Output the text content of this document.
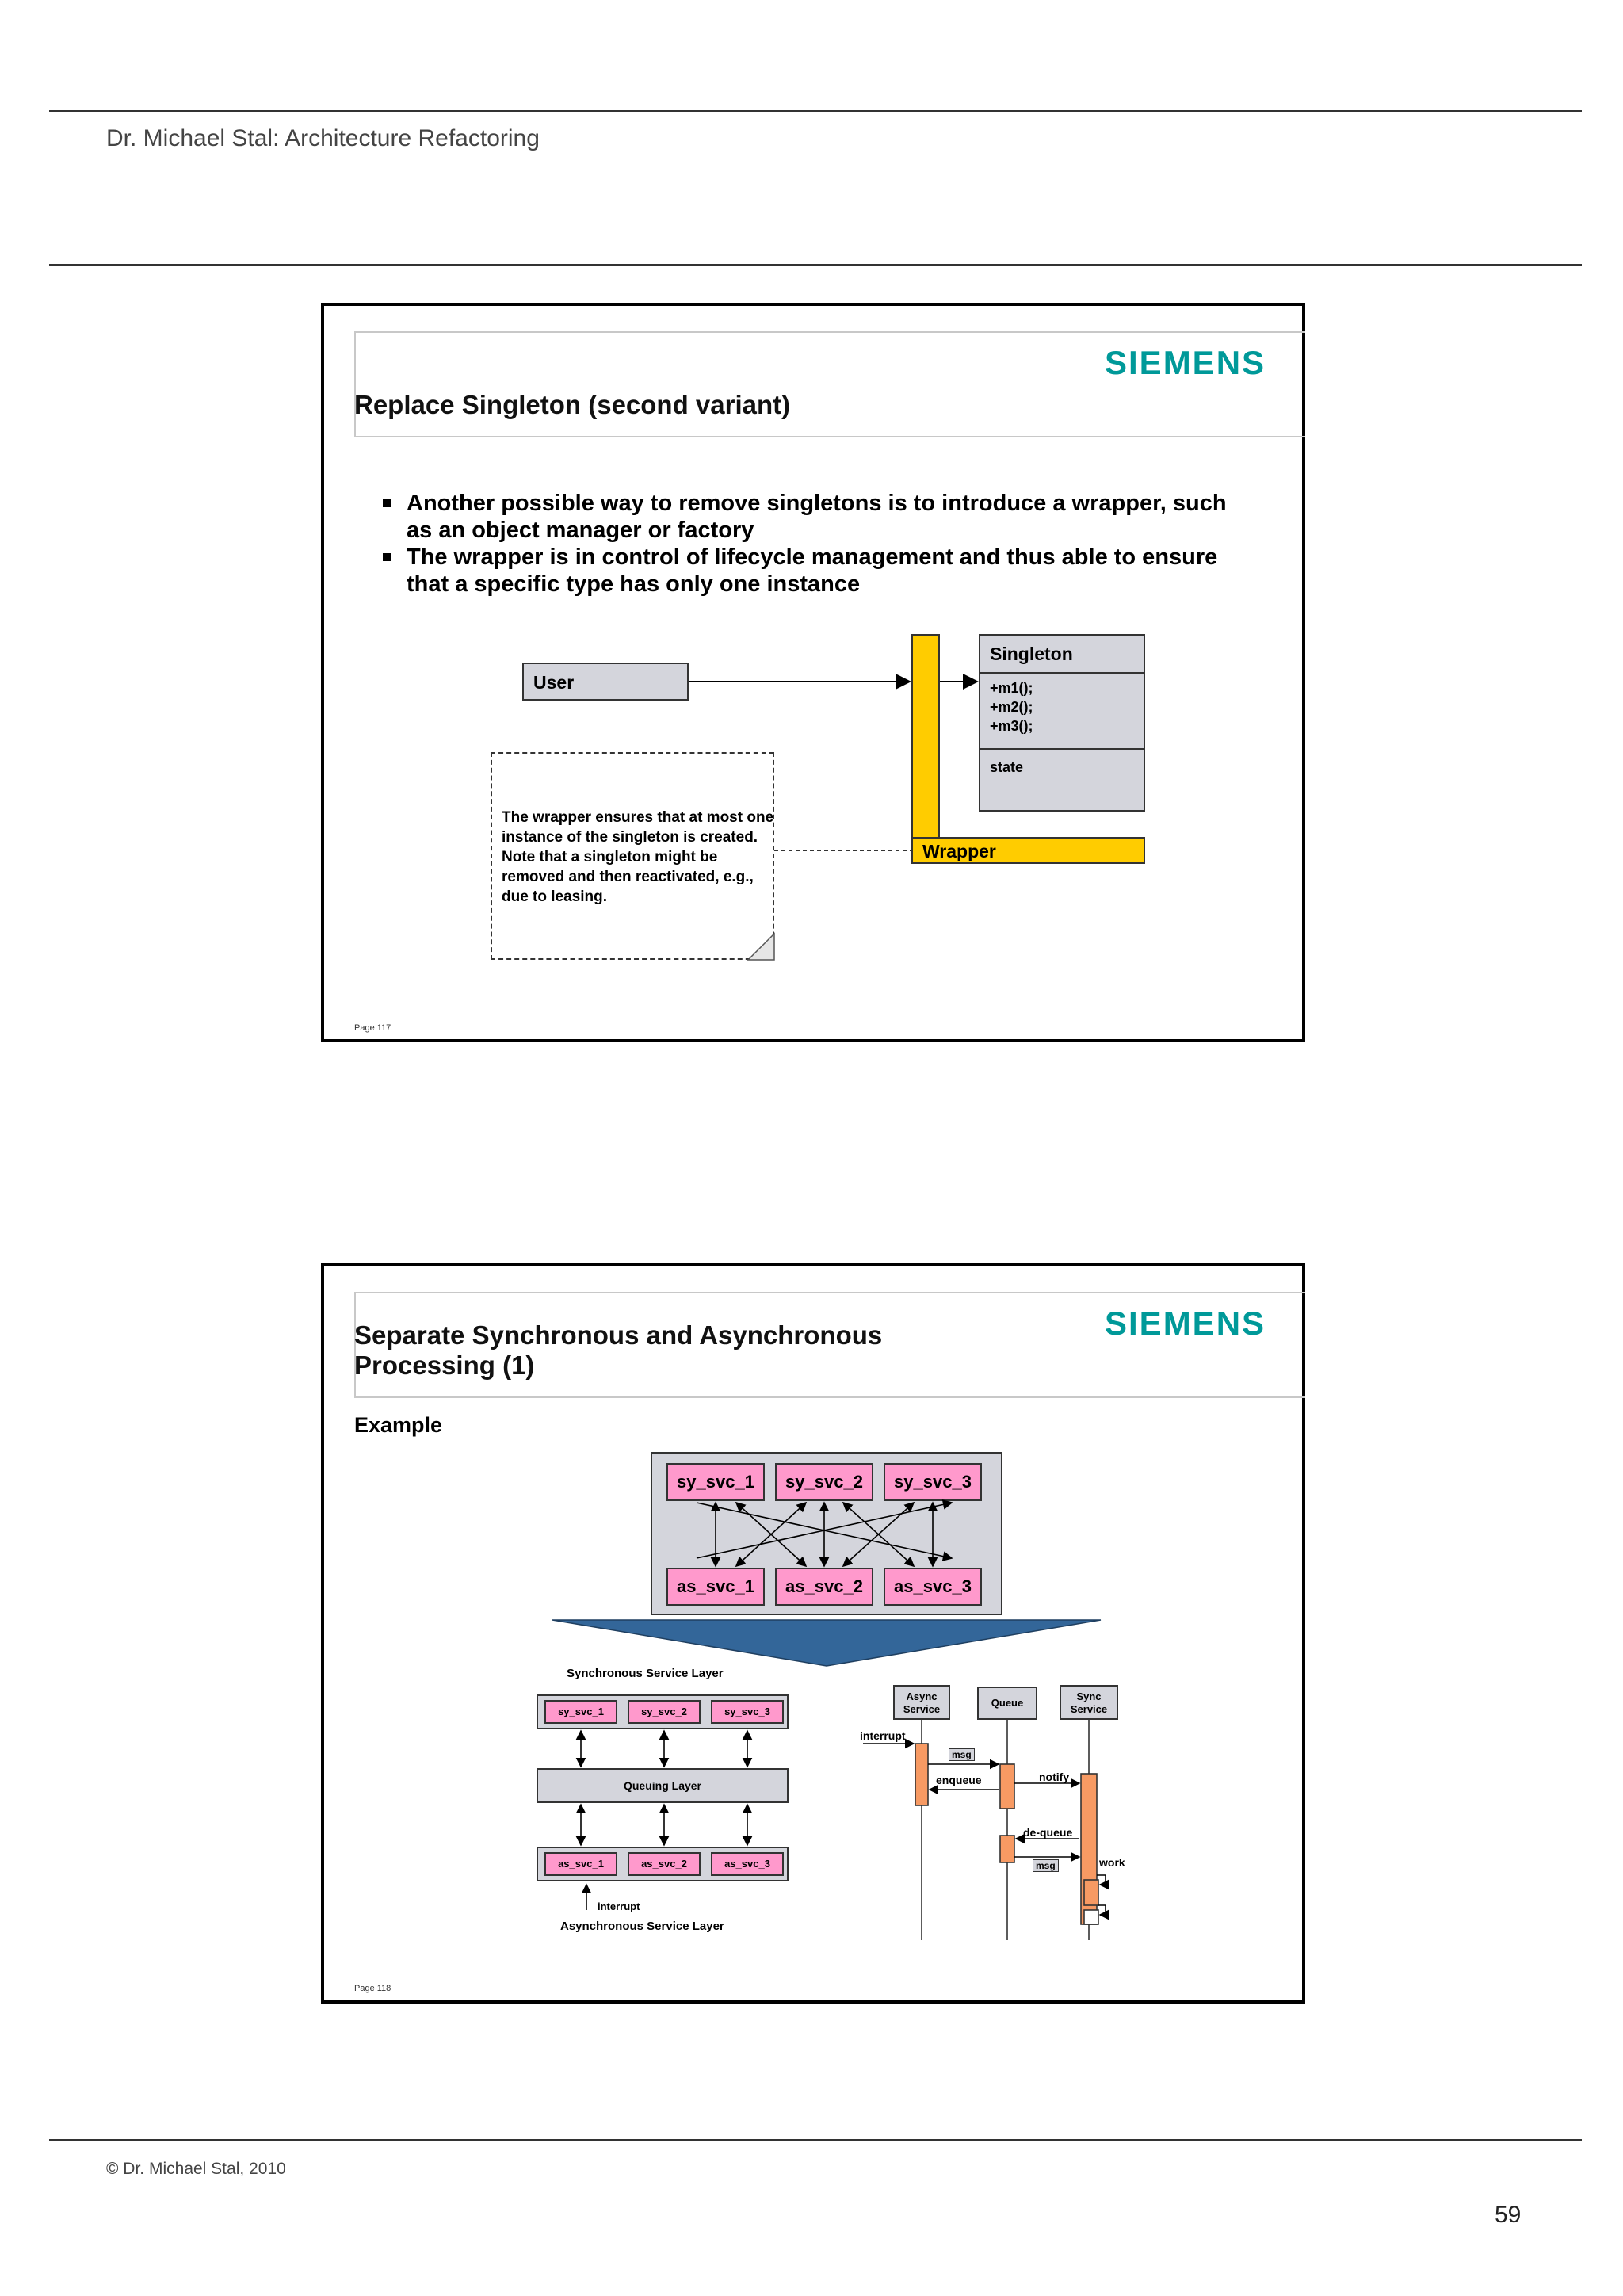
Dr. Michael Stal: Architecture Refactoring
SIEMENS
Replace Singleton (second variant)
Another possible way to remove singletons is to introduce a wrapper, such as an object manager or factory
The wrapper is in control of lifecycle management and thus able to ensure that a specific type has only one instance
User
Wrapper
Singleton
+m1();
+m2();
+m3();
state
The wrapper ensures that at most one instance of the singleton is created. Note that a singleton might be removed and then reactivated, e.g., due to leasing.
Page 117
SIEMENS
Separate Synchronous and Asynchronous
Processing (1)
Example
sy_svc_1	sy_svc_2	sy_svc_3
as_svc_1	as_svc_2	as_svc_3
Synchronous Service Layer
sy_svc_1	sy_svc_2	sy_svc_3
Queuing Layer
as_svc_1	as_svc_2	as_svc_3
interrupt
Asynchronous Service Layer
Async
Service
Queue
Sync
Service
interrupt
msg
enqueue	notify
de-queue
msg	work
Page 118
© Dr. Michael Stal, 2010
59
